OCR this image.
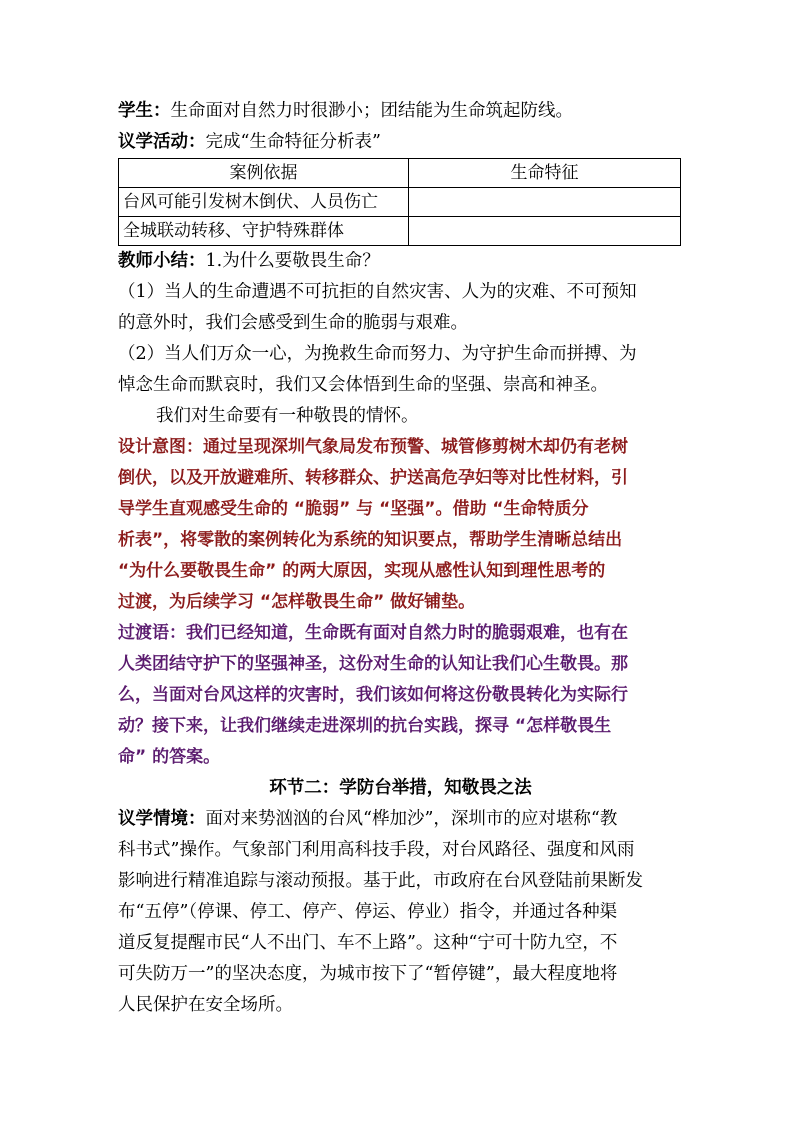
学生：生命面对自然力时很渺小；团结能为生命筑起防线。
议学活动：完成“生命特征分析表”
案例依据	生命特征
台风可能引发树木倒伏、人员伤亡	
全城联动转移、守护特殊群体	
教师小结：1.为什么要敬畏生命？
（1）当人的生命遭遇不可抗拒的自然灾害、人为的灾难、不可预知
的意外时，我们会感受到生命的脆弱与艰难。
（2）当人们万众一心，为挽救生命而努力、为守护生命而拼搏、为
悼念生命而默哀时，我们又会体悟到生命的坚强、崇高和神圣。
我们对生命要有一种敬畏的情怀。
设计意图：通过呈现深圳气象局发布预警、城管修剪树木却仍有老树
倒伏，以及开放避难所、转移群众、护送高危孕妇等对比性材料，引
导学生直观感受生命的 “脆弱” 与 “坚强”。借助 “生命特质分
析表”，将零散的案例转化为系统的知识要点，帮助学生清晰总结出
“为什么要敬畏生命” 的两大原因，实现从感性认知到理性思考的
过渡，为后续学习 “怎样敬畏生命” 做好铺垫。
过渡语：我们已经知道，生命既有面对自然力时的脆弱艰难，也有在
人类团结守护下的坚强神圣，这份对生命的认知让我们心生敬畏。那
么，当面对台风这样的灾害时，我们该如何将这份敬畏转化为实际行
动？接下来，让我们继续走进深圳的抗台实践，探寻 “怎样敬畏生
命” 的答案。
环节二：学防台举措，知敬畏之法
议学情境：面对来势汹汹的台风“桦加沙”，深圳市的应对堪称“教
科书式”操作。气象部门利用高科技手段，对台风路径、强度和风雨
影响进行精准追踪与滚动预报。基于此，市政府在台风登陆前果断发
布“五停”（停课、停工、停产、停运、停业）指令，并通过各种渠
道反复提醒市民“人不出门、车不上路”。这种“宁可十防九空，不
可失防万一”的坚决态度，为城市按下了“暂停键”，最大程度地将
人民保护在安全场所。
